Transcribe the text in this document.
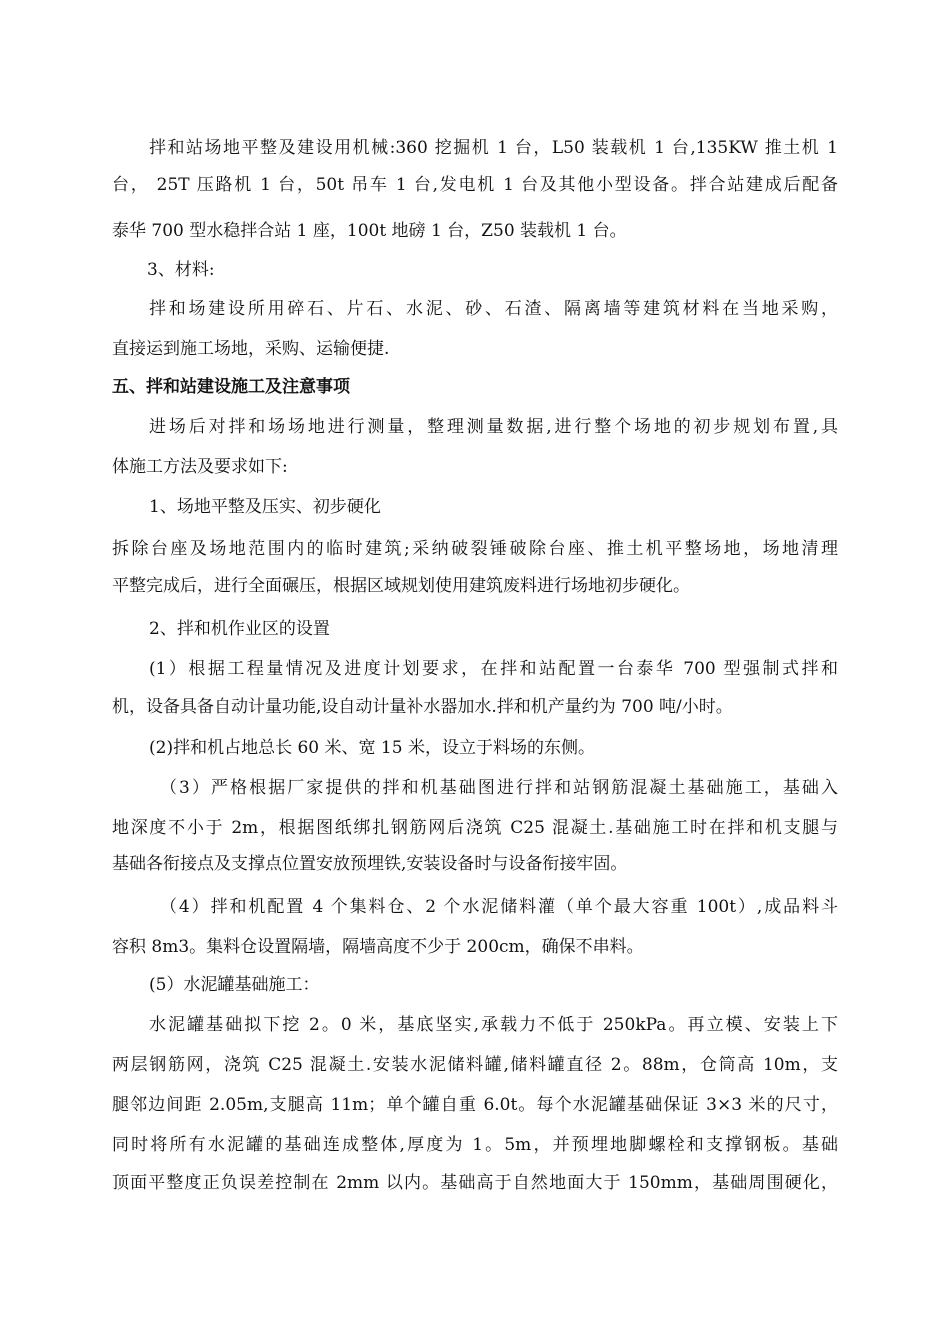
拌和站场地平整及建设用机械:360 挖掘机 1 台，L50 装载机 1 台,135KW 推土机 1
台， 25T 压路机 1 台，50t 吊车 1 台,发电机 1 台及其他小型设备。拌合站建成后配备
泰华 700 型水稳拌合站 1 座，100t 地磅 1 台，Z50 装载机 1 台。
3、材料:
拌和场建设所用碎石、片石、水泥、砂、石渣、隔离墙等建筑材料在当地采购，
直接运到施工场地，采购、运输便捷.
五、拌和站建设施工及注意事项
进场后对拌和场场地进行测量，整理测量数据,进行整个场地的初步规划布置,具
体施工方法及要求如下:
1、场地平整及压实、初步硬化
拆除台座及场地范围内的临时建筑;采纳破裂锤破除台座、推土机平整场地，场地清理
平整完成后，进行全面碾压，根据区域规划使用建筑废料进行场地初步硬化。
2、拌和机作业区的设置
(1）根据工程量情况及进度计划要求，在拌和站配置一台泰华 700 型强制式拌和
机，设备具备自动计量功能,设自动计量补水器加水.拌和机产量约为 700 吨/小时。
(2)拌和机占地总长 60 米、宽 15 米，设立于料场的东侧。
（3）严格根据厂家提供的拌和机基础图进行拌和站钢筋混凝土基础施工，基础入
地深度不小于 2m，根据图纸绑扎钢筋网后浇筑 C25 混凝土.基础施工时在拌和机支腿与
基础各衔接点及支撑点位置安放预埋铁,安装设备时与设备衔接牢固。
（4）拌和机配置 4 个集料仓、2 个水泥储料灌（单个最大容重 100t）,成品料斗
容积 8m3。集料仓设置隔墙，隔墙高度不少于 200cm，确保不串料。
(5）水泥罐基础施工：
水泥罐基础拟下挖 2。0 米，基底坚实,承载力不低于 250kPa。再立模、安装上下
两层钢筋网，浇筑 C25 混凝土.安装水泥储料罐,储料罐直径 2。88m，仓筒高 10m，支
腿邻边间距 2.05m,支腿高 11m；单个罐自重 6.0t。每个水泥罐基础保证 3×3 米的尺寸，
同时将所有水泥罐的基础连成整体,厚度为 1。5m，并预埋地脚螺栓和支撑钢板。基础
顶面平整度正负误差控制在 2mm 以内。基础高于自然地面大于 150mm，基础周围硬化，
